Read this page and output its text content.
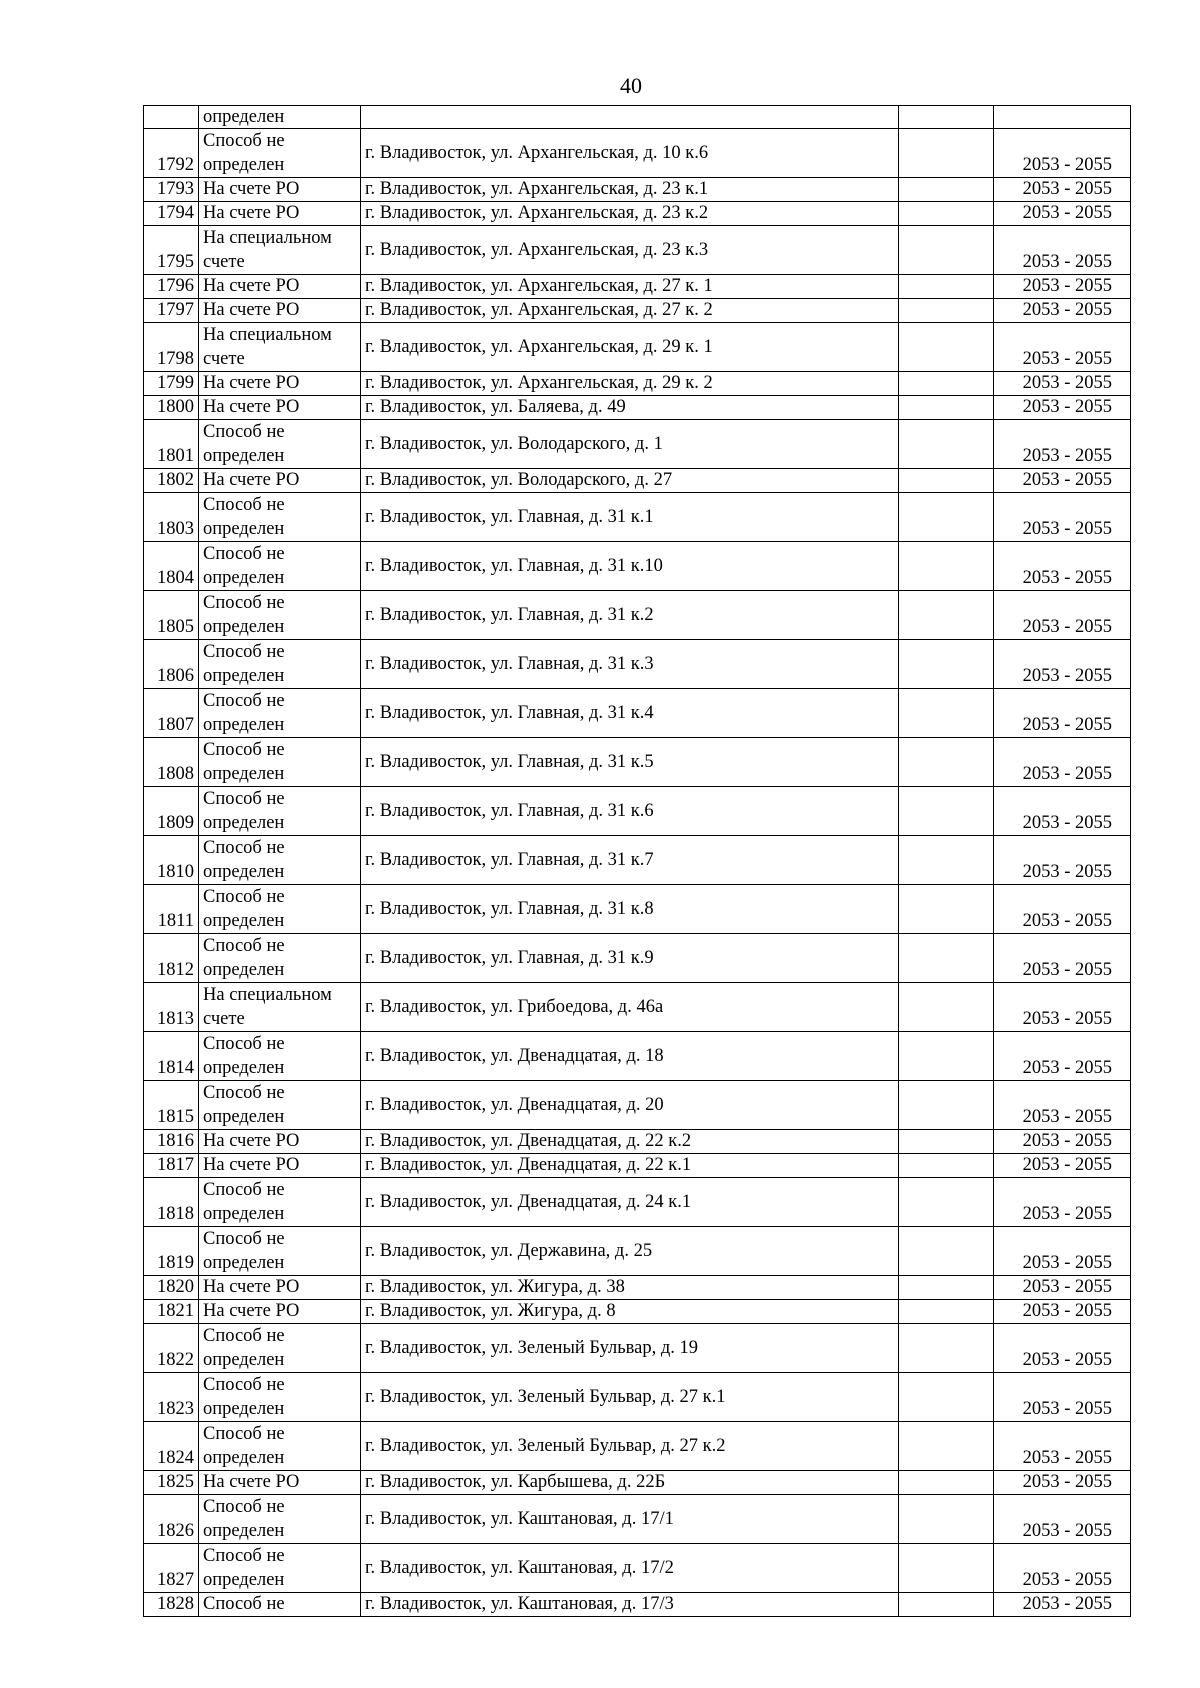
40
	определен			
1792	Способ не определен	г. Владивосток, ул. Архангельская, д. 10 к.6		2053 - 2055
1793	На счете РО	г. Владивосток, ул. Архангельская, д. 23 к.1		2053 - 2055
1794	На счете РО	г. Владивосток, ул. Архангельская, д. 23 к.2		2053 - 2055
1795	На специальном счете	г. Владивосток, ул. Архангельская, д. 23 к.3		2053 - 2055
1796	На счете РО	г. Владивосток, ул. Архангельская, д. 27 к. 1		2053 - 2055
1797	На счете РО	г. Владивосток, ул. Архангельская, д. 27 к. 2		2053 - 2055
1798	На специальном счете	г. Владивосток, ул. Архангельская, д. 29 к. 1		2053 - 2055
1799	На счете РО	г. Владивосток, ул. Архангельская, д. 29 к. 2		2053 - 2055
1800	На счете РО	г. Владивосток, ул. Баляева, д. 49		2053 - 2055
1801	Способ не определен	г. Владивосток, ул. Володарского, д. 1		2053 - 2055
1802	На счете РО	г. Владивосток, ул. Володарского, д. 27		2053 - 2055
1803	Способ не определен	г. Владивосток, ул. Главная, д. 31 к.1		2053 - 2055
1804	Способ не определен	г. Владивосток, ул. Главная, д. 31 к.10		2053 - 2055
1805	Способ не определен	г. Владивосток, ул. Главная, д. 31 к.2		2053 - 2055
1806	Способ не определен	г. Владивосток, ул. Главная, д. 31 к.3		2053 - 2055
1807	Способ не определен	г. Владивосток, ул. Главная, д. 31 к.4		2053 - 2055
1808	Способ не определен	г. Владивосток, ул. Главная, д. 31 к.5		2053 - 2055
1809	Способ не определен	г. Владивосток, ул. Главная, д. 31 к.6		2053 - 2055
1810	Способ не определен	г. Владивосток, ул. Главная, д. 31 к.7		2053 - 2055
1811	Способ не определен	г. Владивосток, ул. Главная, д. 31 к.8		2053 - 2055
1812	Способ не определен	г. Владивосток, ул. Главная, д. 31 к.9		2053 - 2055
1813	На специальном счете	г. Владивосток, ул. Грибоедова, д. 46а		2053 - 2055
1814	Способ не определен	г. Владивосток, ул. Двенадцатая, д. 18		2053 - 2055
1815	Способ не определен	г. Владивосток, ул. Двенадцатая, д. 20		2053 - 2055
1816	На счете РО	г. Владивосток, ул. Двенадцатая, д. 22 к.2		2053 - 2055
1817	На счете РО	г. Владивосток, ул. Двенадцатая, д. 22 к.1		2053 - 2055
1818	Способ не определен	г. Владивосток, ул. Двенадцатая, д. 24 к.1		2053 - 2055
1819	Способ не определен	г. Владивосток, ул. Державина, д. 25		2053 - 2055
1820	На счете РО	г. Владивосток, ул. Жигура, д. 38		2053 - 2055
1821	На счете РО	г. Владивосток, ул. Жигура, д. 8		2053 - 2055
1822	Способ не определен	г. Владивосток, ул. Зеленый Бульвар, д. 19		2053 - 2055
1823	Способ не определен	г. Владивосток, ул. Зеленый Бульвар, д. 27 к.1		2053 - 2055
1824	Способ не определен	г. Владивосток, ул. Зеленый Бульвар, д. 27 к.2		2053 - 2055
1825	На счете РО	г. Владивосток, ул. Карбышева, д. 22Б		2053 - 2055
1826	Способ не определен	г. Владивосток, ул. Каштановая, д. 17/1		2053 - 2055
1827	Способ не определен	г. Владивосток, ул. Каштановая, д. 17/2		2053 - 2055
1828	Способ не	г. Владивосток, ул. Каштановая, д. 17/3		2053 - 2055
